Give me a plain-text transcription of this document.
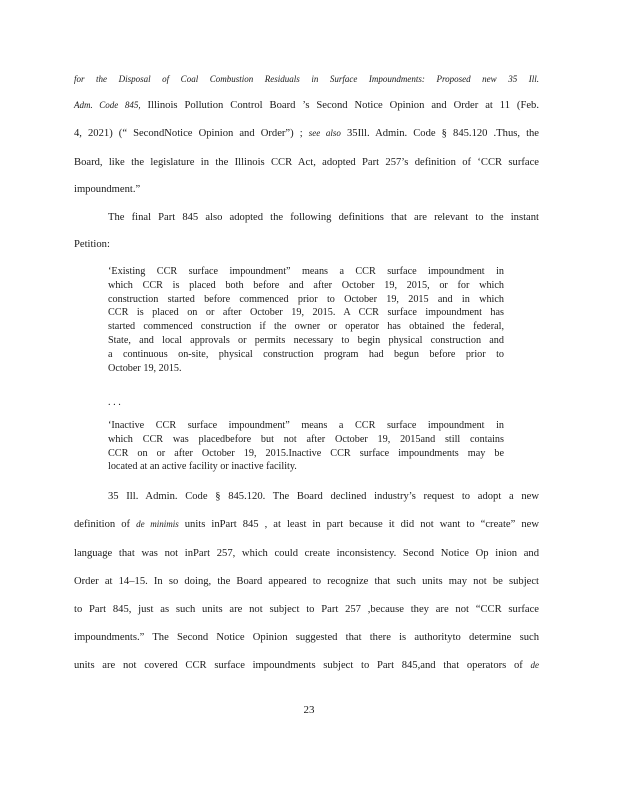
for the Disposal of Coal Combustion Residuals in Surface Impoundments: Proposed new 35 Ill.
Adm. Code 845, Illinois Pollution Control Board ’s Second Notice Opinion and Order at 11 (Feb.
4, 2021) (“ SecondNotice Opinion and Order”) ; see also 35Ill. Admin. Code § 845.120 .Thus, the
Board, like the legislature in the Illinois CCR Act, adopted Part 257’s definition of ‘CCR surface
impoundment.”
The final Part 845 also adopted the following definitions that are relevant to the instant
Petition:
‘Existing CCR surface impoundment” means a CCR surface impoundment in
which CCR is placed both before and after October 19, 2015, or for which
construction started before commenced prior to October 19, 2015 and in which
CCR is placed on or after October 19, 2015. A CCR surface impoundment has
started commenced construction if the owner or operator has obtained the federal,
State, and local approvals or permits necessary to begin physical construction and
a continuous on-site, physical construction program had begun before prior to
October 19, 2015.
. . .
‘Inactive CCR surface impoundment” means a CCR surface impoundment in
which CCR was placedbefore but not after October 19, 2015and still contains
CCR on or after October 19, 2015.Inactive CCR surface impoundments may be
located at an active facility or inactive facility.
35 Ill. Admin. Code § 845.120. The Board declined industry’s request to adopt a new
definition of de minimis units inPart 845 , at least in part because it did not want to “create” new
language that was not inPart 257, which could create inconsistency. Second Notice Op inion and
Order at 14–15. In so doing, the Board appeared to recognize that such units may not be subject
to Part 845, just as such units are not subject to Part 257 ,because they are not “CCR surface
impoundments.” The Second Notice Opinion suggested that there is authorityto determine such
units are not covered CCR surface impoundments subject to Part 845,and that operators of de
23
